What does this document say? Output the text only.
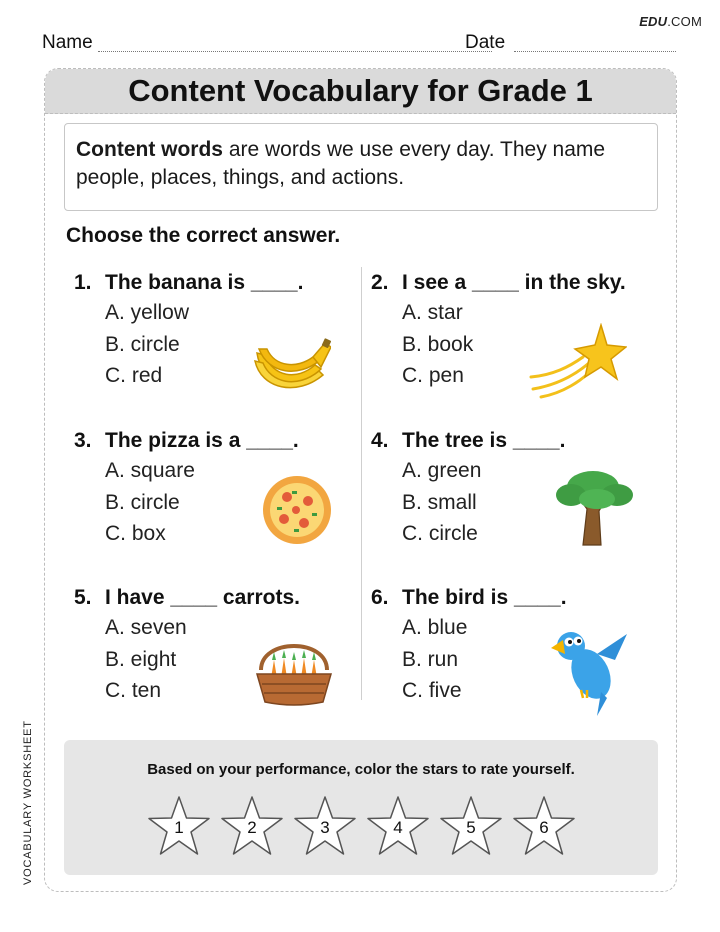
EDU.COM
Name	Date
VOCABULARY WORKSHEET
Content Vocabulary for Grade 1
Content words are words we use every day. They name people, places, things, and actions.
Choose the correct answer.
1. The banana is ____.
A. yellow
B. circle
C. red
2. I see a ____ in the sky.
A. star
B. book
C. pen
3. The pizza is a ____.
A. square
B. circle
C. box
4. The tree is ____.
A. green
B. small
C. circle
5. I have ____ carrots.
A. seven
B. eight
C. ten
6. The bird is ____.
A. blue
B. run
C. five
Based on your performance, color the stars to rate yourself.
1	2	3	4	5	6
